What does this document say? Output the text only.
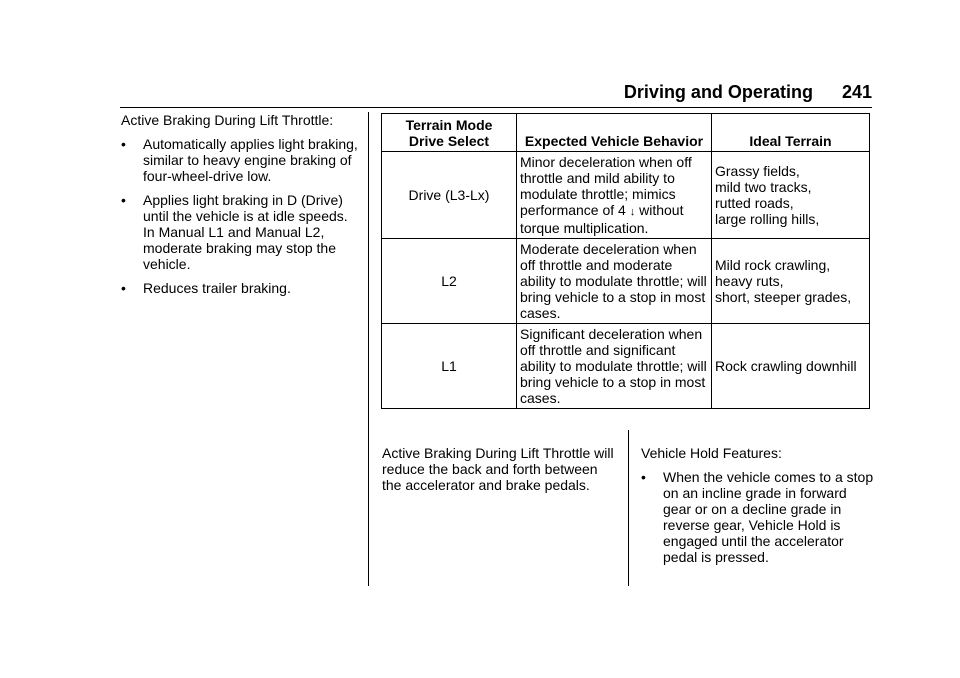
Driving and Operating 241

Active Braking During Lift Throttle:

• Automatically applies light braking, similar to heavy engine braking of four-wheel-drive low.
• Applies light braking in D (Drive) until the vehicle is at idle speeds. In Manual L1 and Manual L2, moderate braking may stop the vehicle.
• Reduces trailer braking.
Terrain Mode
Drive Select	Expected Vehicle Behavior	Ideal Terrain
Drive (L3-Lx)	Minor deceleration when off throttle and mild ability to modulate throttle; mimics performance of 4 ↓ without torque multiplication.	Grassy fields,
mild two tracks,
rutted roads,
large rolling hills,

L2	Moderate deceleration when off throttle and moderate ability to modulate throttle; will bring vehicle to a stop in most cases.	Mild rock crawling,
heavy ruts,
short, steeper grades,

L1	Significant deceleration when off throttle and significant ability to modulate throttle; will bring vehicle to a stop in most cases.	Rock crawling downhill

Active Braking During Lift Throttle will reduce the back and forth between the accelerator and brake pedals.

Vehicle Hold Features:

• When the vehicle comes to a stop on an incline grade in forward gear or on a decline grade in reverse gear, Vehicle Hold is engaged until the accelerator pedal is pressed.
